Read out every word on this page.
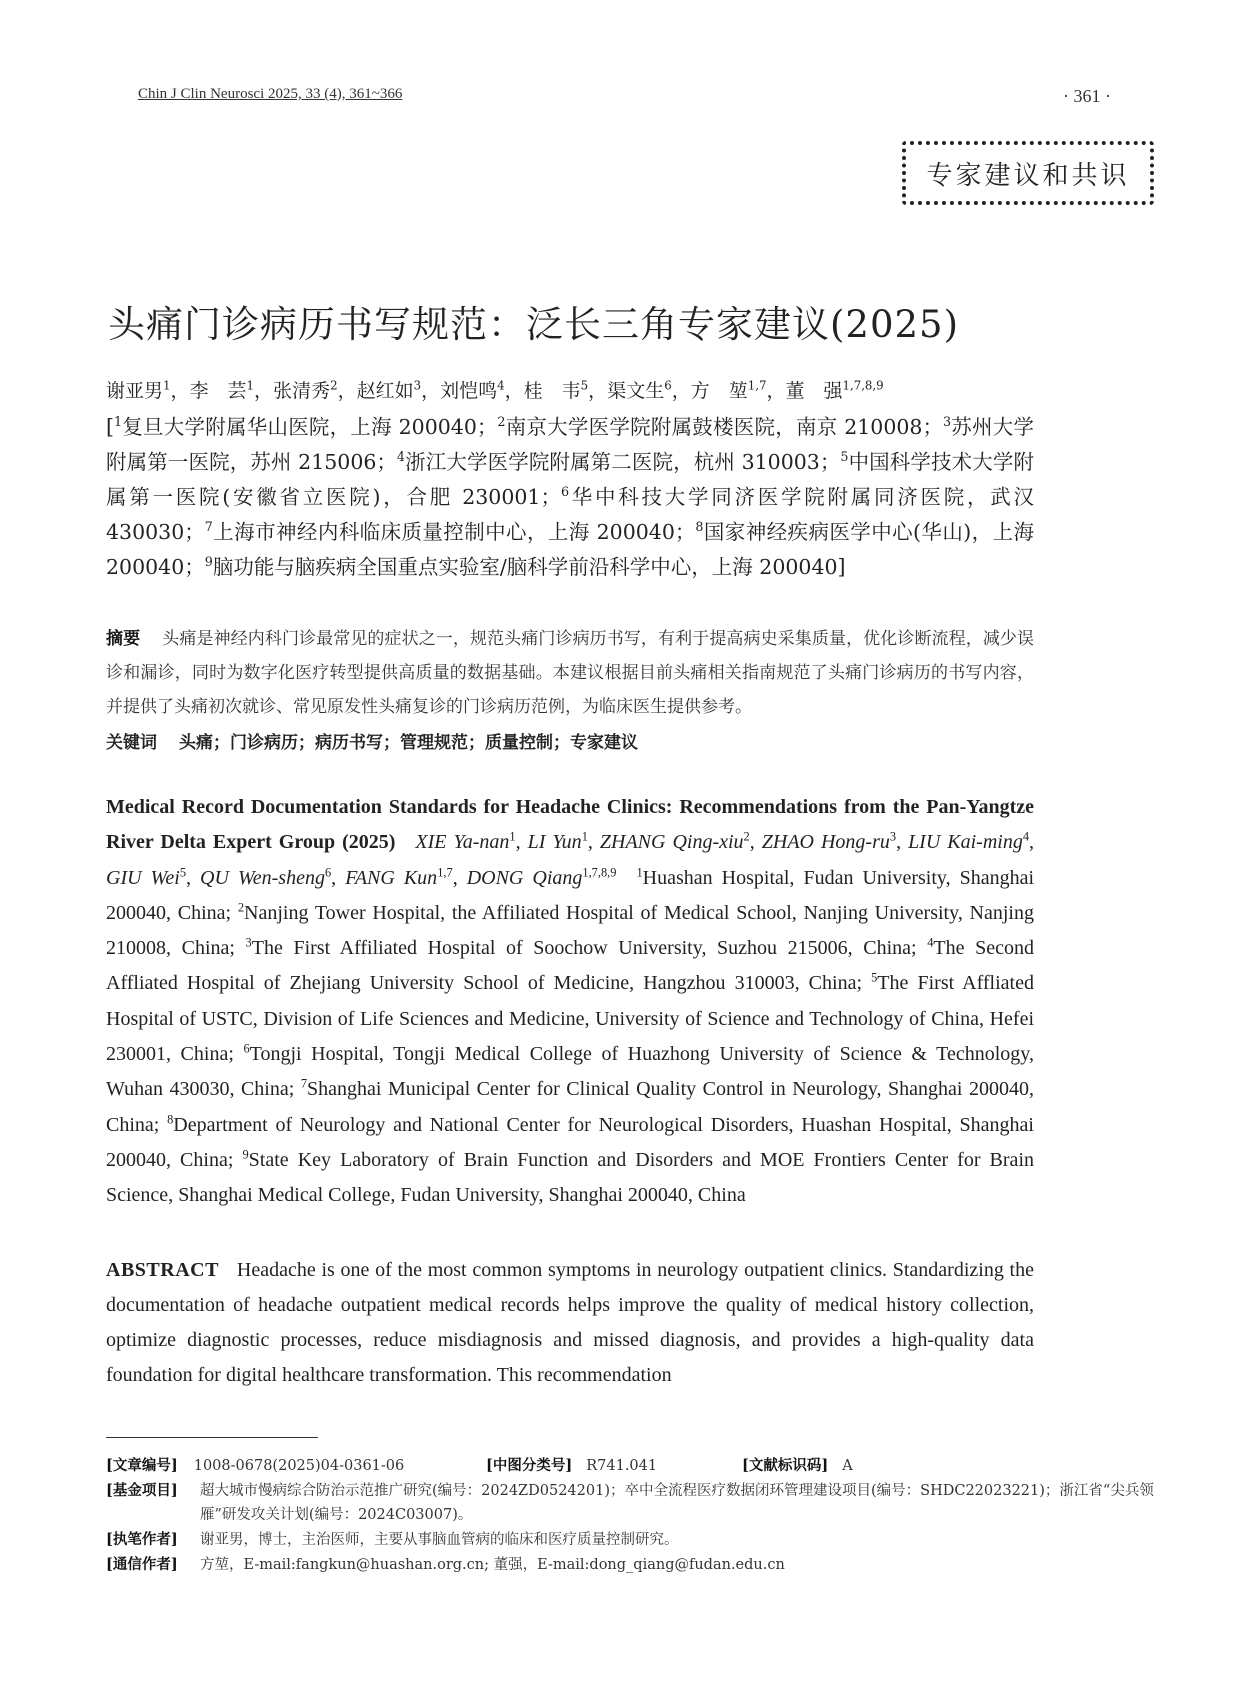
Chin J Clin Neurosci 2025, 33 (4), 361~366	· 361 ·
专家建议和共识
头痛门诊病历书写规范：泛长三角专家建议(2025)
谢亚男$^1$，李　芸$^1$，张清秀$^2$，赵红如$^3$，刘恺鸣$^4$，桂　韦$^5$，渠文生$^6$，方　堃$^{1,7}$，董　强$^{1,7,8,9}$
[$^1$复旦大学附属华山医院，上海 200040；$^2$南京大学医学院附属鼓楼医院，南京 210008；$^3$苏州大学附属第一医院，苏州 215006；$^4$浙江大学医学院附属第二医院，杭州 310003；$^5$中国科学技术大学附属第一医院(安徽省立医院)，合肥 230001；$^6$华中科技大学同济医学院附属同济医院，武汉 430030；$^7$上海市神经内科临床质量控制中心，上海 200040；$^8$国家神经疾病医学中心(华山)，上海 200040；$^9$脑功能与脑疾病全国重点实验室/脑科学前沿科学中心，上海 200040]
摘要 头痛是神经内科门诊最常见的症状之一，规范头痛门诊病历书写，有利于提高病史采集质量，优化诊断流程，减少误诊和漏诊，同时为数字化医疗转型提供高质量的数据基础。本建议根据目前头痛相关指南规范了头痛门诊病历的书写内容，并提供了头痛初次就诊、常见原发性头痛复诊的门诊病历范例，为临床医生提供参考。
关键词 头痛；门诊病历；病历书写；管理规范；质量控制；专家建议
Medical Record Documentation Standards for Headache Clinics: Recommendations from the Pan-Yangtze River Delta Expert Group (2025) XIE Ya-nan$^1$, LI Yun$^1$, ZHANG Qing-xiu$^2$, ZHAO Hong-$ru^3$, LIU Kai-ming$^4$, GIU Wei$^5$, QU Wen-sheng$^6$, FANG Kun$^{1,7}$, DONG Qiang$^{1,7,8,9}$ $^1$Huashan Hospital, Fudan University, Shanghai 200040, China; $^2$Nanjing Tower Hospital, the Affiliated Hospital of Medical School, Nanjing University, Nanjing 210008, China; $^3$The First Affiliated Hospital of Soochow University, Suzhou 215006, China; $^4$The Second Affliated Hospital of Zhejiang University School of Medicine, Hangzhou 310003, China; $^5$The First Affliated Hospital of USTC, Division of Life Sciences and Medicine, University of Science and Technology of China, Hefei 230001, China; $^6$Tongji Hospital, Tongji Medical College of Huazhong University of Science & Technology, Wuhan 430030, China; $^7$Shanghai Municipal Center for Clinical Quality Control in Neurology, Shanghai 200040, China; $^8$Department of Neurology and National Center for Neurological Disorders, Huashan Hospital, Shanghai 200040, China; $^9$State Key Laboratory of Brain Function and Disorders and MOE Frontiers Center for Brain Science, Shanghai Medical College, Fudan University, Shanghai 200040, China
ABSTRACT Headache is one of the most common symptoms in neurology outpatient clinics. Standardizing the documentation of headache outpatient medical records helps improve the quality of medical history collection, optimize diagnostic processes, reduce misdiagnosis and missed diagnosis, and provides a high-quality data foundation for digital healthcare transformation. This recommendation
[文章编号] 1008-0678(2025)04-0361-06	[中图分类号] R741.041	[文献标识码] A
[基金项目] 超大城市慢病综合防治示范推广研究(编号：2024ZD0524201)；卒中全流程医疗数据闭环管理建设项目(编号：SHDC22023221)；浙江省“尖兵领雁”研发攻关计划(编号：2024C03007)。
[执笔作者] 谢亚男，博士，主治医师，主要从事脑血管病的临床和医疗质量控制研究。
[通信作者] 方堃，E-mail:fangkun@huashan.org.cn; 董强，E-mail:dong_qiang@fudan.edu.cn
